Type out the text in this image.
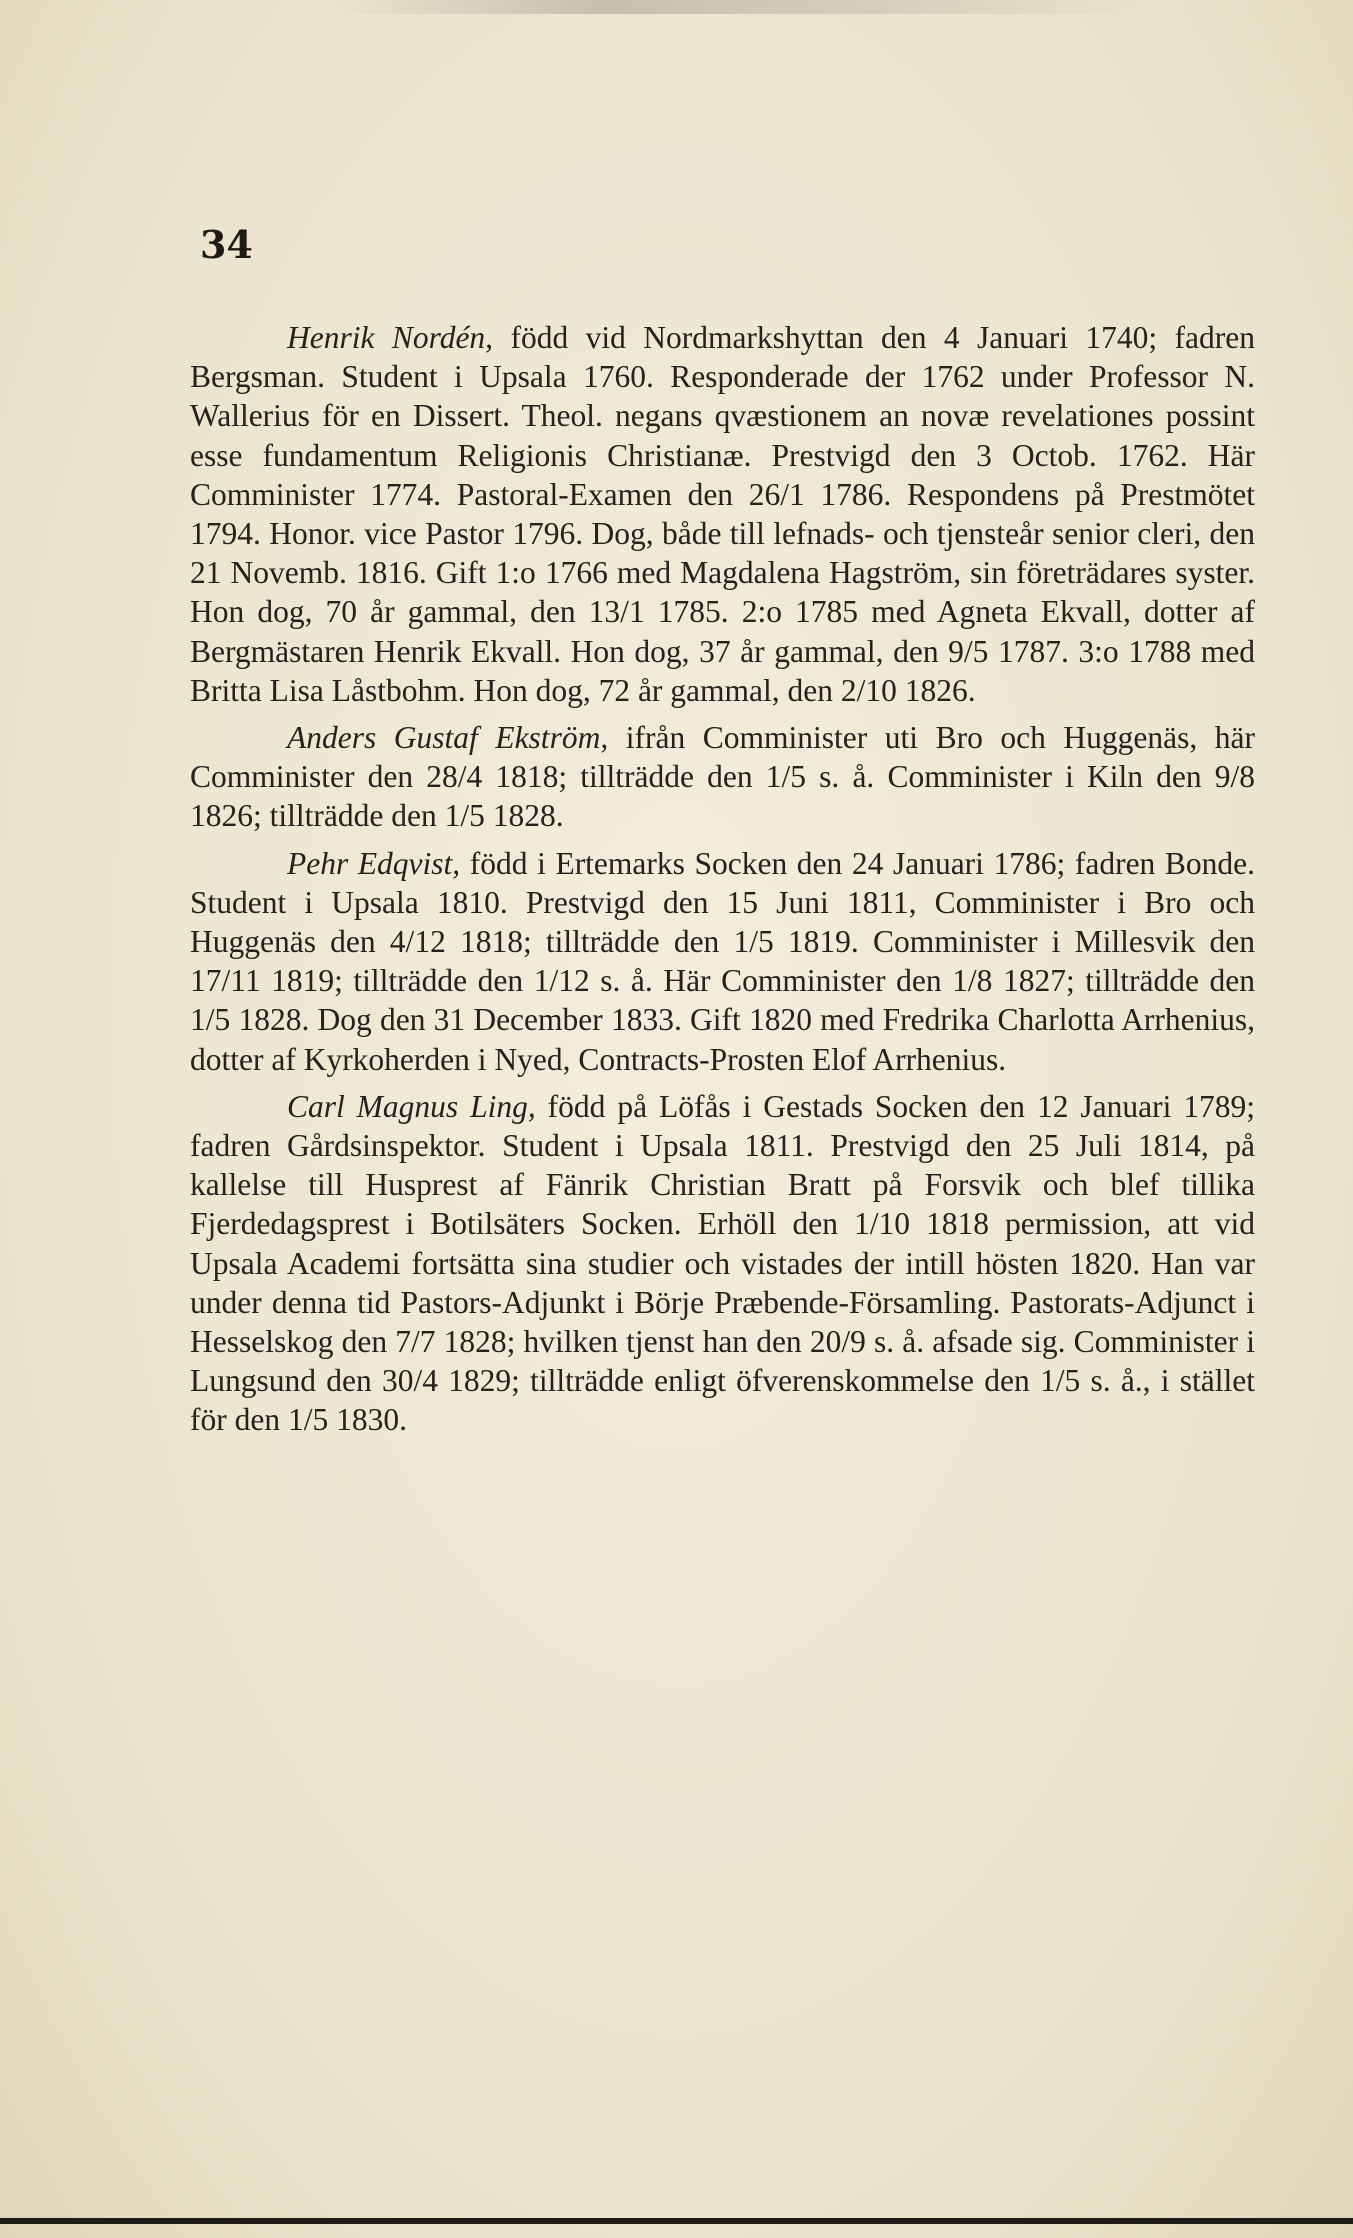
34

Henrik Nordén, född vid Nordmarkshyttan den 4 Januari 1740; fadren Bergsman. Student i Upsala 1760. Responderade der 1762 under Professor N. Wallerius för en Dissert. Theol. negans qvæstionem an novæ revelationes possint esse fundamentum Religionis Christianæ. Prestvigd den 3 Octob. 1762. Här Comminister 1774. Pastoral-Examen den 26/1 1786. Respondens på Prestmötet 1794. Honor. vice Pastor 1796. Dog, både till lefnads- och tjensteår senior cleri, den 21 Novemb. 1816. Gift 1:o 1766 med Magdalena Hagström, sin företrädares syster. Hon dog, 70 år gammal, den 13/1 1785. 2:o 1785 med Agneta Ekvall, dotter af Bergmästaren Henrik Ekvall. Hon dog, 37 år gammal, den 9/5 1787. 3:o 1788 med Britta Lisa Låstbohm. Hon dog, 72 år gammal, den 2/10 1826.

Anders Gustaf Ekström, ifrån Comminister uti Bro och Huggenäs, här Comminister den 28/4 1818; tillträdde den 1/5 s. å. Comminister i Kiln den 9/8 1826; tillträdde den 1/5 1828.

Pehr Edqvist, född i Ertemarks Socken den 24 Januari 1786; fadren Bonde. Student i Upsala 1810. Prestvigd den 15 Juni 1811, Comminister i Bro och Huggenäs den 4/12 1818; tillträdde den 1/5 1819. Comminister i Millesvik den 17/11 1819; tillträdde den 1/12 s. å. Här Comminister den 1/8 1827; tillträdde den 1/5 1828. Dog den 31 December 1833. Gift 1820 med Fredrika Charlotta Arrhenius, dotter af Kyrkoherden i Nyed, Contracts-Prosten Elof Arrhenius.

Carl Magnus Ling, född på Löfås i Gestads Socken den 12 Januari 1789; fadren Gårdsinspektor. Student i Upsala 1811. Prestvigd den 25 Juli 1814, på kallelse till Husprest af Fänrik Christian Bratt på Forsvik och blef tillika Fjerdedagsprest i Botilsäters Socken. Erhöll den 1/10 1818 permission, att vid Upsala Academi fortsätta sina studier och vistades der intill hösten 1820. Han var under denna tid Pastors-Adjunkt i Börje Præbende-Församling. Pastorats-Adjunct i Hesselskog den 7/7 1828; hvilken tjenst han den 20/9 s. å. afsade sig. Comminister i Lungsund den 30/4 1829; tillträdde enligt öfverenskommelse den 1/5 s. å., i stället för den 1/5 1830.
